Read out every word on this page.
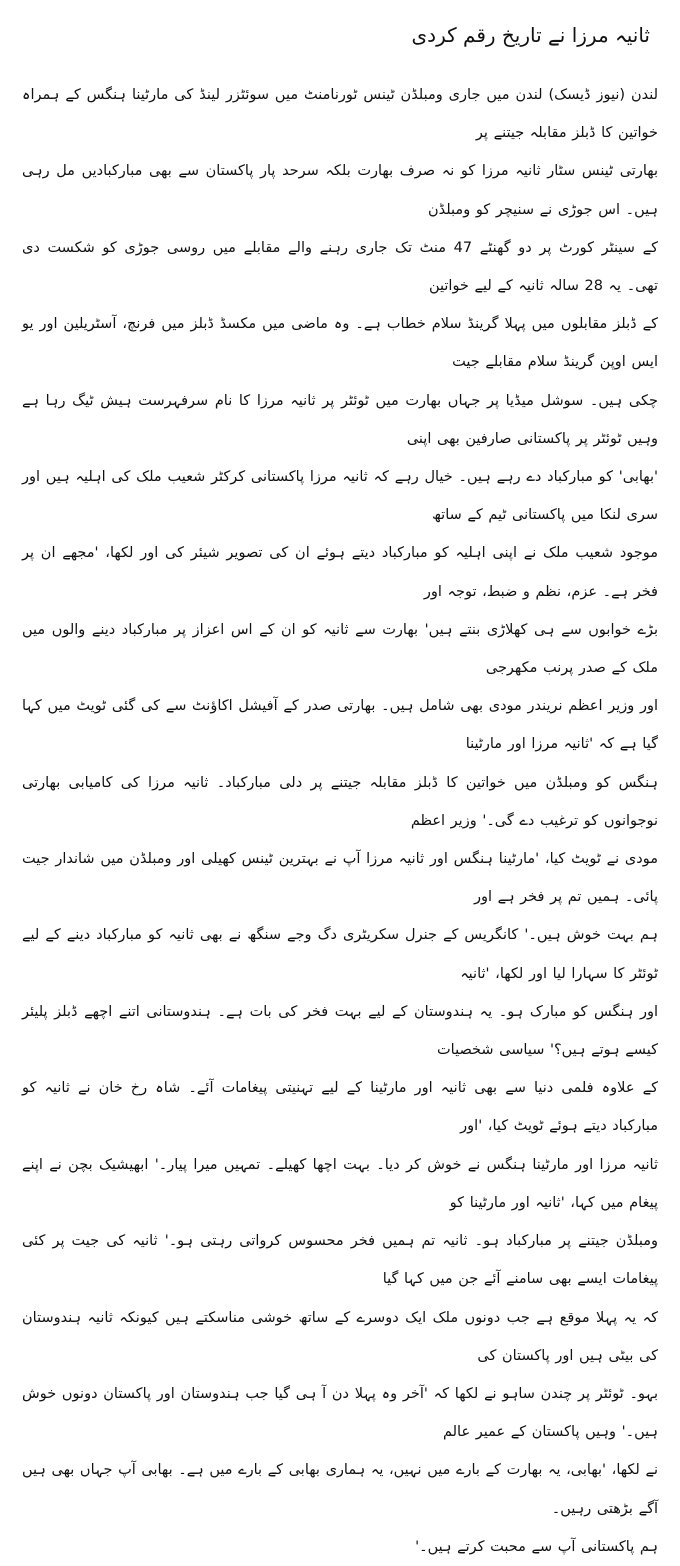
ثانیہ مرزا نے تاریخ رقم کردی

لندن (نیوز ڈیسک) لندن میں جاری ومبلڈن ٹینس ٹورنامنٹ میں سوئٹزر لینڈ کی مارٹینا ہنگس کے ہمراہ خواتین کا ڈبلز مقابلہ جیتنے پر
بھارتی ٹینس سٹار ثانیہ مرزا کو نہ صرف بھارت بلکہ سرحد پار پاکستان سے بھی مبارکبادیں مل رہی ہیں۔ اس جوڑی نے سنیچر کو ومبلڈن
کے سینٹر کورٹ پر دو گھنٹے 47 منٹ تک جاری رہنے والے مقابلے میں روسی جوڑی کو شکست دی تھی۔ یہ 28 سالہ ثانیہ کے لیے خواتین
کے ڈبلز مقابلوں میں پہلا گرینڈ سلام خطاب ہے۔ وہ ماضی میں مکسڈ ڈبلز میں فرنچ، آسٹریلین اور یو ایس اوپن گرینڈ سلام مقابلے جیت
چکی ہیں۔ سوشل میڈیا پر جہاں بھارت میں ٹوئٹر پر ثانیہ مرزا کا نام سرفہرست ہیش ٹیگ رہا ہے وہیں ٹوئٹر پر پاکستانی صارفین بھی اپنی
'بھابی' کو مبارکباد دے رہے ہیں۔ خیال رہے کہ ثانیہ مرزا پاکستانی کرکٹر شعیب ملک کی اہلیہ ہیں اور سری لنکا میں پاکستانی ٹیم کے ساتھ
موجود شعیب ملک نے اپنی اہلیہ کو مبارکباد دیتے ہوئے ان کی تصویر شیئر کی اور لکھا، 'مجھے ان پر فخر ہے۔ عزم، نظم و ضبط، توجہ اور
بڑے خوابوں سے ہی کھلاڑی بنتے ہیں' بھارت سے ثانیہ کو ان کے اس اعزاز پر مبارکباد دینے والوں میں ملک کے صدر پرنب مکھرجی
اور وزیر اعظم نریندر مودی بھی شامل ہیں۔ بھارتی صدر کے آفیشل اکاؤنٹ سے کی گئی ٹویٹ میں کہا گیا ہے کہ 'ثانیہ مرزا اور مارٹینا
ہنگس کو ومبلڈن میں خواتین کا ڈبلز مقابلہ جیتنے پر دلی مبارکباد۔ ثانیہ مرزا کی کامیابی بھارتی نوجوانوں کو ترغیب دے گی۔' وزیر اعظم
مودی نے ٹویٹ کیا، 'مارٹینا ہنگس اور ثانیہ مرزا آپ نے بہترین ٹینس کھیلی اور ومبلڈن میں شاندار جیت پائی۔ ہمیں تم پر فخر ہے اور
ہم بہت خوش ہیں۔' کانگریس کے جنرل سکریٹری دگ وجے سنگھ نے بھی ثانیہ کو مبارکباد دینے کے لیے ٹوئٹر کا سہارا لیا اور لکھا، 'ثانیہ
اور ہنگس کو مبارک ہو۔ یہ ہندوستان کے لیے بہت فخر کی بات ہے۔ ہندوستانی اتنے اچھے ڈبلز پلیئر کیسے ہوتے ہیں؟' سیاسی شخصیات
کے علاوہ فلمی دنیا سے بھی ثانیہ اور مارٹینا کے لیے تہنیتی پیغامات آئے۔ شاہ رخ خان نے ثانیہ کو مبارکباد دیتے ہوئے ٹویٹ کیا، 'اور
ثانیہ مرزا اور مارٹینا ہنگس نے خوش کر دیا۔ بہت اچھا کھیلے۔ تمہیں میرا پیار۔' ابھیشیک بچن نے اپنے پیغام میں کہا، 'ثانیہ اور مارٹینا کو
ومبلڈن جیتنے پر مبارکباد ہو۔ ثانیہ تم ہمیں فخر محسوس کرواتی رہتی ہو۔' ثانیہ کی جیت پر کئی پیغامات ایسے بھی سامنے آئے جن میں کہا گیا
کہ یہ پہلا موقع ہے جب دونوں ملک ایک دوسرے کے ساتھ خوشی مناسکتے ہیں کیونکہ ثانیہ ہندوستان کی بیٹی ہیں اور پاکستان کی
بہو۔ ٹوئٹر پر چندن ساہو نے لکھا کہ 'آخر وہ پہلا دن آ ہی گیا جب ہندوستان اور پاکستان دونوں خوش ہیں۔' وہیں پاکستان کے عمیر عالم
نے لکھا، 'بھابی، یہ بھارت کے بارے میں نہیں، یہ ہماری بھابی کے بارے میں ہے۔ بھابی آپ جہاں بھی ہیں آگے بڑھتی رہیں۔
ہم پاکستانی آپ سے محبت کرتے ہیں۔'
